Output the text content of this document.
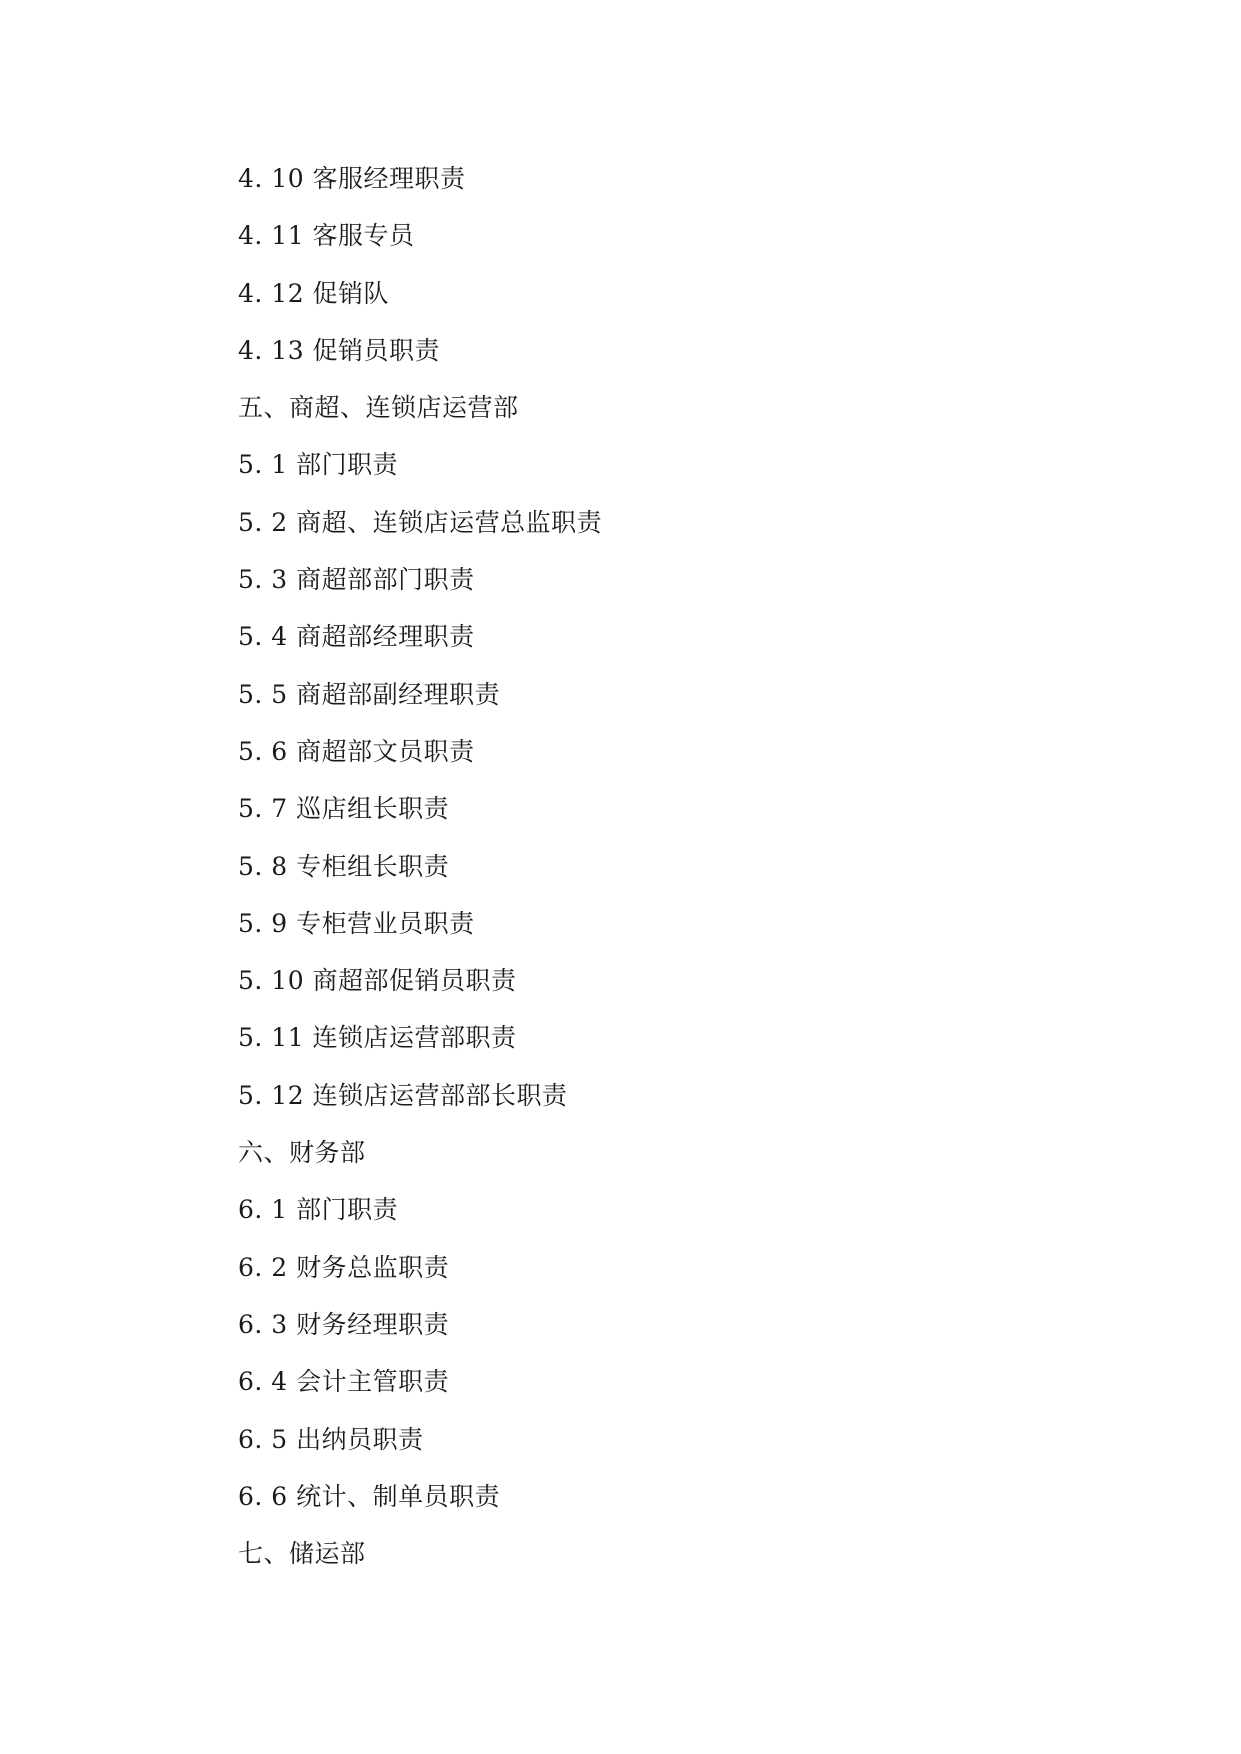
4. 10 客服经理职责
4. 11 客服专员
4. 12 促销队
4. 13 促销员职责
五、商超、连锁店运营部
5. 1 部门职责
5. 2 商超、连锁店运营总监职责
5. 3 商超部部门职责
5. 4 商超部经理职责
5. 5 商超部副经理职责
5. 6 商超部文员职责
5. 7 巡店组长职责
5. 8 专柜组长职责
5. 9 专柜营业员职责
5. 10 商超部促销员职责
5. 11 连锁店运营部职责
5. 12 连锁店运营部部长职责
六、财务部
6. 1 部门职责
6. 2 财务总监职责
6. 3 财务经理职责
6. 4 会计主管职责
6. 5 出纳员职责
6. 6 统计、制单员职责
七、储运部
